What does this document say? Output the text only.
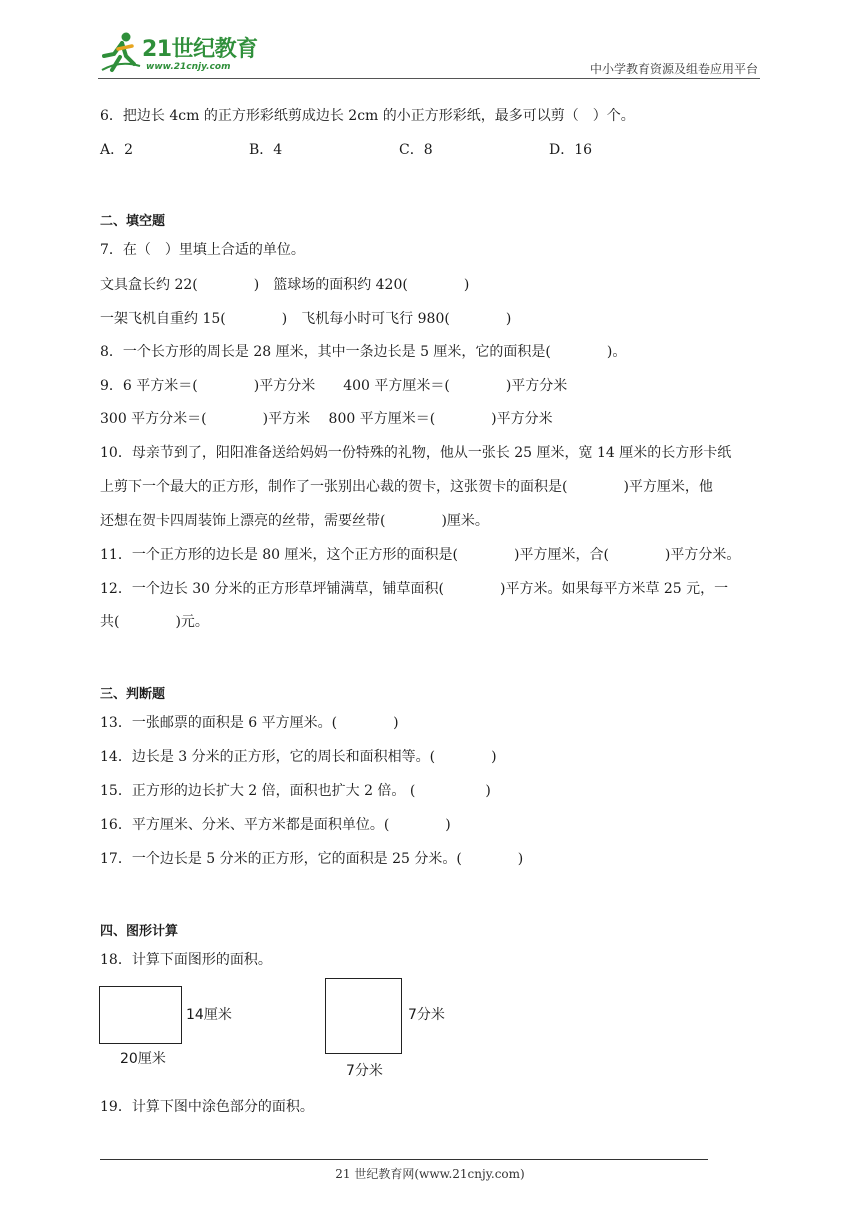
21世纪教育
www.21cnjy.com	中小学教育资源及组卷应用平台
6．把边长 4cm 的正方形彩纸剪成边长 2cm 的小正方形彩纸，最多可以剪（　）个。
A．2	B．4	C．8	D．16
二、填空题
7．在（　）里填上合适的单位。
文具盒长约 22(　　　　)　篮球场的面积约 420(　　　　)
一架飞机自重约 15(　　　　)　飞机每小时可飞行 980(　　　　)
8．一个长方形的周长是 28 厘米，其中一条边长是 5 厘米，它的面积是(　　　　)。
9．6 平方米＝(　　　　)平方分米　　400 平方厘米＝(　　　　)平方分米
300 平方分米＝(　　　　)平方米　 800 平方厘米＝(　　　　)平方分米
10．母亲节到了，阳阳准备送给妈妈一份特殊的礼物，他从一张长 25 厘米，宽 14 厘米的长方形卡纸
上剪下一个最大的正方形，制作了一张别出心裁的贺卡，这张贺卡的面积是(　　　　)平方厘米，他
还想在贺卡四周装饰上漂亮的丝带，需要丝带(　　　　)厘米。
11．一个正方形的边长是 80 厘米，这个正方形的面积是(　　　　)平方厘米，合(　　　　)平方分米。
12．一个边长 30 分米的正方形草坪铺满草，铺草面积(　　　　)平方米。如果每平方米草 25 元，一
共(　　　　)元。
三、判断题
13．一张邮票的面积是 6 平方厘米。(　　　　)
14．边长是 3 分米的正方形，它的周长和面积相等。(　　　　)
15．正方形的边长扩大 2 倍，面积也扩大 2 倍。 (　　　　　)
16．平方厘米、分米、平方米都是面积单位。(　　　　)
17．一个边长是 5 分米的正方形，它的面积是 25 分米。(　　　　)
四、图形计算
18．计算下面图形的面积。
14厘米
20厘米
7分米
7分米
19．计算下图中涂色部分的面积。
21 世纪教育网(www.21cnjy.com)
